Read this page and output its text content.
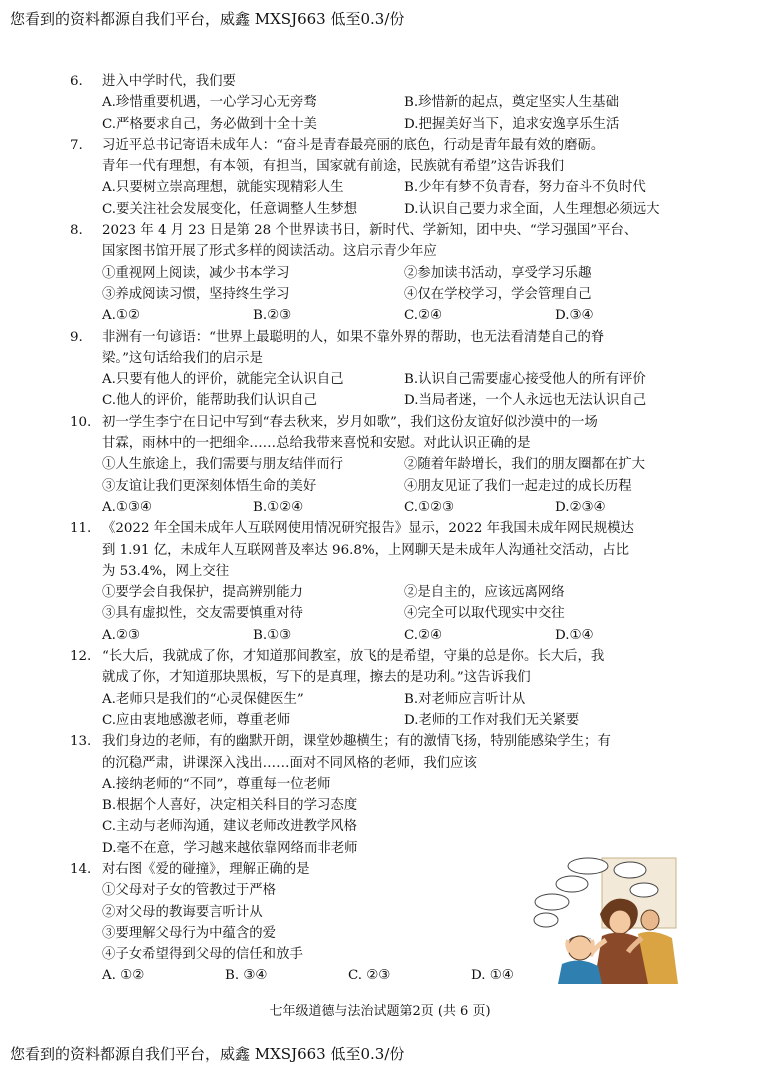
您看到的资料都源自我们平台，威鑫 MXSJ663 低至0.3/份
6. 进入中学时代，我们要
A.珍惜重要机遇，一心学习心无旁骛	B.珍惜新的起点，奠定坚实人生基础
C.严格要求自己，务必做到十全十美	D.把握美好当下，追求安逸享乐生活
7. 习近平总书记寄语未成年人：“奋斗是青春最亮丽的底色，行动是青年最有效的磨砺。
青年一代有理想，有本领，有担当，国家就有前途，民族就有希望”这告诉我们
A.只要树立崇高理想，就能实现精彩人生	B.少年有梦不负青春，努力奋斗不负时代
C.要关注社会发展变化，任意调整人生梦想	D.认识自己要力求全面，人生理想必须远大
8. 2023 年 4 月 23 日是第 28 个世界读书日，新时代、学新知，团中央、“学习强国”平台、
国家图书馆开展了形式多样的阅读活动。这启示青少年应
①重视网上阅读，减少书本学习	②参加读书活动，享受学习乐趣
③养成阅读习惯，坚持终生学习	④仅在学校学习，学会管理自己
A.①②	B.②③	C.②④	D.③④
9. 非洲有一句谚语：“世界上最聪明的人，如果不靠外界的帮助，也无法看清楚自己的脊
梁。”这句话给我们的启示是
A.只要有他人的评价，就能完全认识自己	B.认识自己需要虚心接受他人的所有评价
C.他人的评价，能帮助我们认识自己	D.当局者迷，一个人永远也无法认识自己
10. 初一学生李宁在日记中写到“春去秋来，岁月如歌”，我们这份友谊好似沙漠中的一场
甘霖，雨林中的一把细伞……总给我带来喜悦和安慰。对此认识正确的是
①人生旅途上，我们需要与朋友结伴而行	②随着年龄增长，我们的朋友圈都在扩大
③友谊让我们更深刻体悟生命的美好	④朋友见证了我们一起走过的成长历程
A.①③④	B.①②④	C.①②③	D.②③④
11. 《2022 年全国未成年人互联网使用情况研究报告》显示，2022 年我国未成年网民规模达
到 1.91 亿，未成年人互联网普及率达 96.8%，上网聊天是未成年人沟通社交活动，占比
为 53.4%，网上交往
①要学会自我保护，提高辨别能力	②是自主的，应该远离网络
③具有虚拟性，交友需要慎重对待	④完全可以取代现实中交往
A.②③	B.①③	C.②④	D.①④
12. “长大后，我就成了你，才知道那间教室，放飞的是希望，守巢的总是你。长大后，我
就成了你，才知道那块黑板，写下的是真理，擦去的是功利。”这告诉我们
A.老师只是我们的“心灵保健医生”	B.对老师应言听计从
C.应由衷地感激老师，尊重老师	D.老师的工作对我们无关紧要
13. 我们身边的老师，有的幽默开朗，课堂妙趣横生；有的激情飞扬，特别能感染学生；有
的沉稳严肃，讲课深入浅出……面对不同风格的老师，我们应该
A.接纳老师的“不同”，尊重每一位老师
B.根据个人喜好，决定相关科目的学习态度
C.主动与老师沟通，建议老师改进教学风格
D.毫不在意，学习越来越依靠网络而非老师
14. 对右图《爱的碰撞》，理解正确的是
①父母对子女的管教过于严格
②对父母的教诲要言听计从
③要理解父母行为中蕴含的爱
④子女希望得到父母的信任和放手
A. ①②	B. ③④	C. ②③	D. ①④
七年级道德与法治试题第2页 (共 6 页)
您看到的资料都源自我们平台，威鑫 MXSJ663 低至0.3/份
